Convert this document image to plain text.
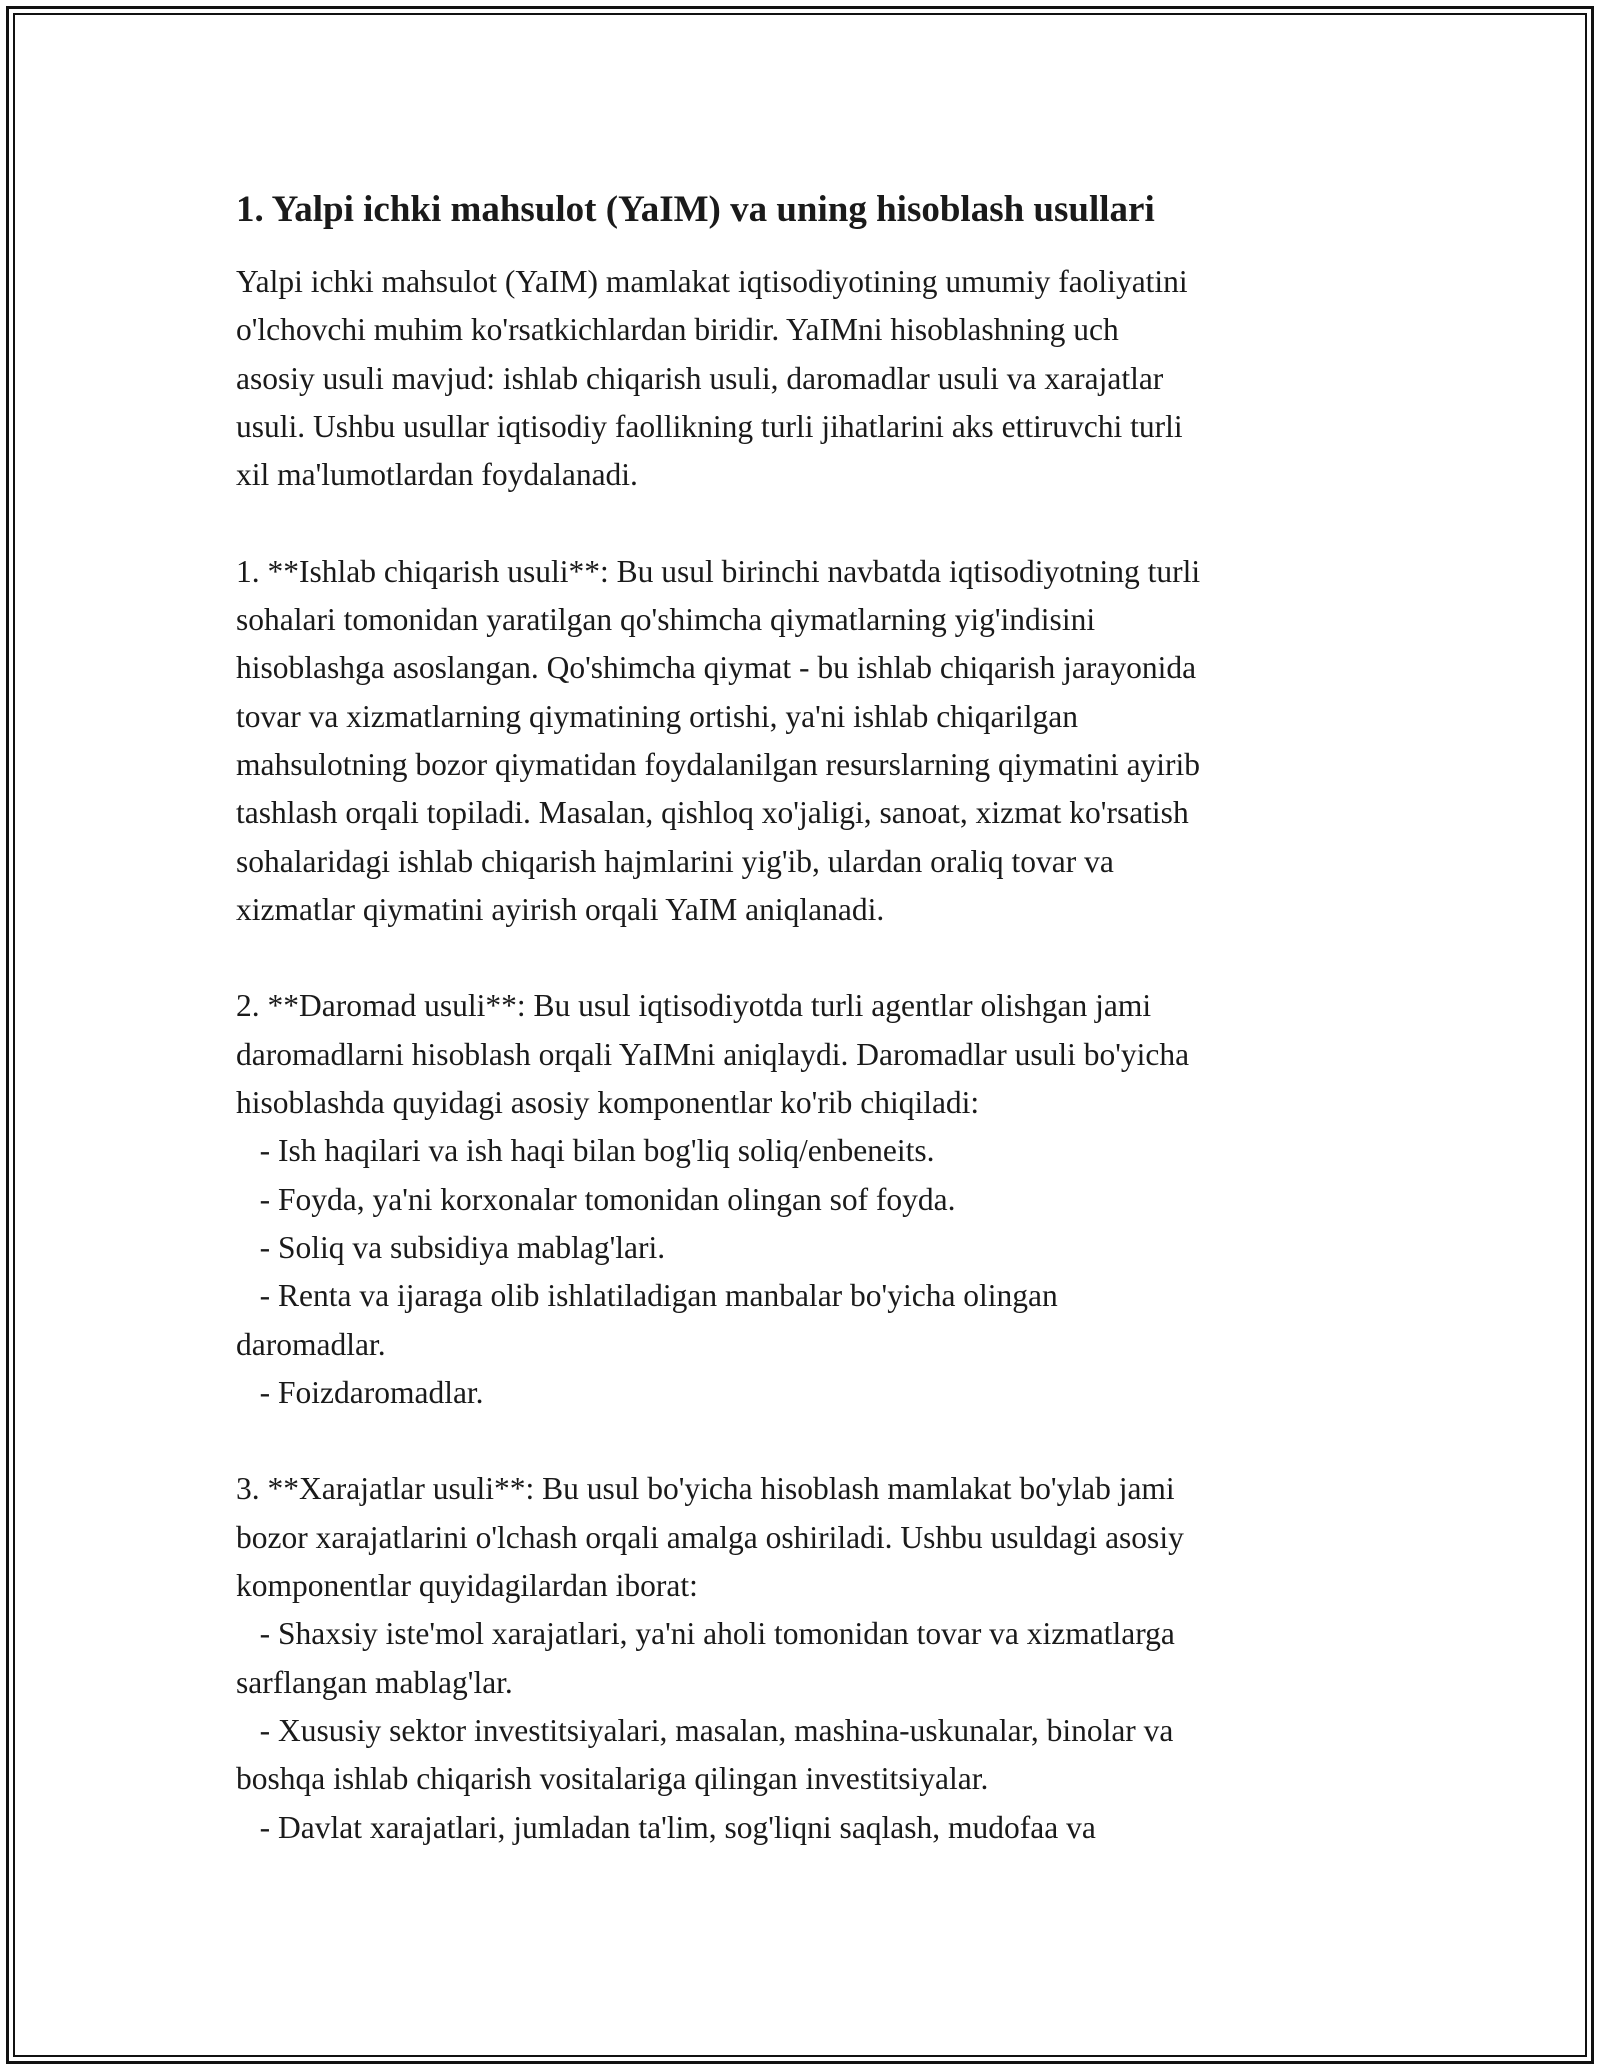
1. Yalpi ichki mahsulot (YaIM) va uning hisoblash usullari
Yalpi ichki mahsulot (YaIM) mamlakat iqtisodiyotining umumiy faoliyatini
o'lchovchi muhim ko'rsatkichlardan biridir. YaIMni hisoblashning uch
asosiy usuli mavjud: ishlab chiqarish usuli, daromadlar usuli va xarajatlar
usuli. Ushbu usullar iqtisodiy faollikning turli jihatlarini aks ettiruvchi turli
xil ma'lumotlardan foydalanadi.
1. **Ishlab chiqarish usuli**: Bu usul birinchi navbatda iqtisodiyotning turli
sohalari tomonidan yaratilgan qo'shimcha qiymatlarning yig'indisini
hisoblashga asoslangan. Qo'shimcha qiymat - bu ishlab chiqarish jarayonida
tovar va xizmatlarning qiymatining ortishi, ya'ni ishlab chiqarilgan
mahsulotning bozor qiymatidan foydalanilgan resurslarning qiymatini ayirib
tashlash orqali topiladi. Masalan, qishloq xo'jaligi, sanoat, xizmat ko'rsatish
sohalaridagi ishlab chiqarish hajmlarini yig'ib, ulardan oraliq tovar va
xizmatlar qiymatini ayirish orqali YaIM aniqlanadi.
2. **Daromad usuli**: Bu usul iqtisodiyotda turli agentlar olishgan jami
daromadlarni hisoblash orqali YaIMni aniqlaydi. Daromadlar usuli bo'yicha
hisoblashda quyidagi asosiy komponentlar ko'rib chiqiladi:
- Ish haqilari va ish haqi bilan bog'liq soliq/enbeneits.
- Foyda, ya'ni korxonalar tomonidan olingan sof foyda.
- Soliq va subsidiya mablag'lari.
- Renta va ijaraga olib ishlatiladigan manbalar bo'yicha olingan
daromadlar.
- Foizdaromadlar.
3. **Xarajatlar usuli**: Bu usul bo'yicha hisoblash mamlakat bo'ylab jami
bozor xarajatlarini o'lchash orqali amalga oshiriladi. Ushbu usuldagi asosiy
komponentlar quyidagilardan iborat:
- Shaxsiy iste'mol xarajatlari, ya'ni aholi tomonidan tovar va xizmatlarga
sarflangan mablag'lar.
- Xususiy sektor investitsiyalari, masalan, mashina-uskunalar, binolar va
boshqa ishlab chiqarish vositalariga qilingan investitsiyalar.
- Davlat xarajatlari, jumladan ta'lim, sog'liqni saqlash, mudofaa va
